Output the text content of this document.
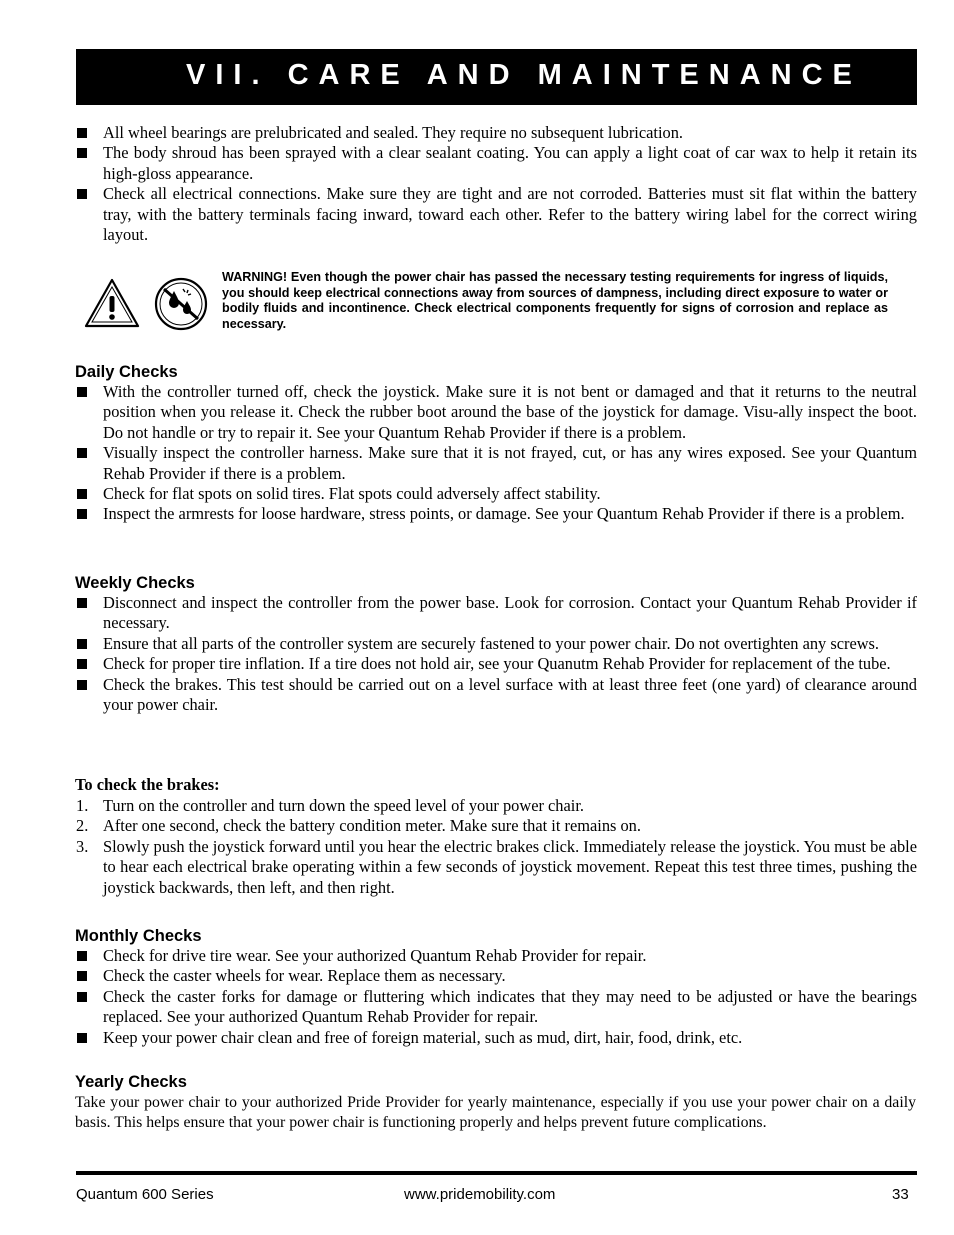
VII. CARE AND MAINTENANCE
All wheel bearings are prelubricated and sealed. They require no subsequent lubrication.
The body shroud has been sprayed with a clear sealant coating. You can apply a light coat of car wax to help it retain its high-gloss appearance.
Check all electrical connections. Make sure they are tight and are not corroded. Batteries must sit flat within the battery tray, with the battery terminals facing inward, toward each other. Refer to the battery wiring label for the correct wiring layout.
WARNING! Even though the power chair has passed the necessary testing requirements for ingress of liquids, you should keep electrical connections away from sources of dampness, including direct exposure to water or bodily fluids and incontinence. Check electrical components frequently for signs of corrosion and replace as necessary.
Daily Checks
With the controller turned off, check the joystick. Make sure it is not bent or damaged and that it returns to the neutral position when you release it. Check the rubber boot around the base of the joystick for damage. Visu-ally inspect the boot. Do not handle or try to repair it. See your Quantum Rehab Provider if there is a problem.
Visually inspect the controller harness. Make sure that it is not frayed, cut, or has any wires exposed. See your Quantum Rehab Provider if there is a problem.
Check for flat spots on solid tires. Flat spots could adversely affect stability.
Inspect the armrests for loose hardware, stress points, or damage. See your Quantum Rehab Provider if there is a problem.
Weekly Checks
Disconnect and inspect the controller from the power base. Look for corrosion. Contact your Quantum Rehab Provider if necessary.
Ensure that all parts of the controller system are securely fastened to your power chair. Do not overtighten any screws.
Check for proper tire inflation. If a tire does not hold air, see your Quanutm Rehab Provider for replacement of the tube.
Check the brakes. This test should be carried out on a level surface with at least three feet (one yard) of clearance around your power chair.
To check the brakes:
1. Turn on the controller and turn down the speed level of your power chair.
2. After one second, check the battery condition meter. Make sure that it remains on.
3. Slowly push the joystick forward until you hear the electric brakes click. Immediately release the joystick. You must be able to hear each electrical brake operating within a few seconds of joystick movement. Repeat this test three times, pushing the joystick backwards, then left, and then right.
Monthly Checks
Check for drive tire wear. See your authorized Quantum Rehab Provider for repair.
Check the caster wheels for wear. Replace them as necessary.
Check the caster forks for damage or fluttering which indicates that they may need to be adjusted or have the bearings replaced. See your authorized Quantum Rehab Provider for repair.
Keep your power chair clean and free of foreign material, such as mud, dirt, hair, food, drink, etc.
Yearly Checks
Take your power chair to your authorized Pride Provider for yearly maintenance, especially if you use your power chair on a daily basis. This helps ensure that your power chair is functioning properly and helps prevent future complications.
Quantum 600 Series	www.pridemobility.com	33
